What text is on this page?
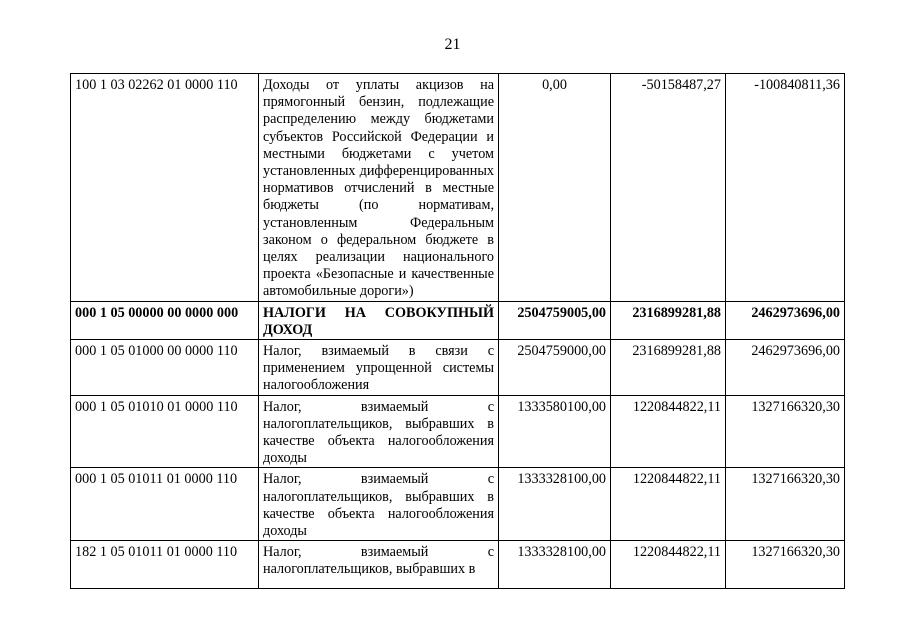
21
100 1 03 02262 01 0000 110	Доходы от уплаты акцизов на прямогонный бензин, подлежащие распределению между бюджетами субъектов Российской Федерации и местными бюджетами с учетом установленных дифференцированных нормативов отчислений в местные бюджеты (по нормативам, установленным Федеральным законом о федеральном бюджете в целях реализации национального проекта «Безопасные и качественные автомобильные дороги»)	0,00	-50158487,27	-100840811,36
000 1 05 00000 00 0000 000	НАЛОГИ НА СОВОКУПНЫЙ ДОХОД	2504759005,00	2316899281,88	2462973696,00
000 1 05 01000 00 0000 110	Налог, взимаемый в связи с применением упрощенной системы налогообложения	2504759000,00	2316899281,88	2462973696,00
000 1 05 01010 01 0000 110	Налог, взимаемый с налогоплательщиков, выбравших в качестве объекта налогообложения доходы	1333580100,00	1220844822,11	1327166320,30
000 1 05 01011 01 0000 110	Налог, взимаемый с налогоплательщиков, выбравших в качестве объекта налогообложения доходы	1333328100,00	1220844822,11	1327166320,30
182 1 05 01011 01 0000 110	Налог, взимаемый с налогоплательщиков, выбравших в	1333328100,00	1220844822,11	1327166320,30
